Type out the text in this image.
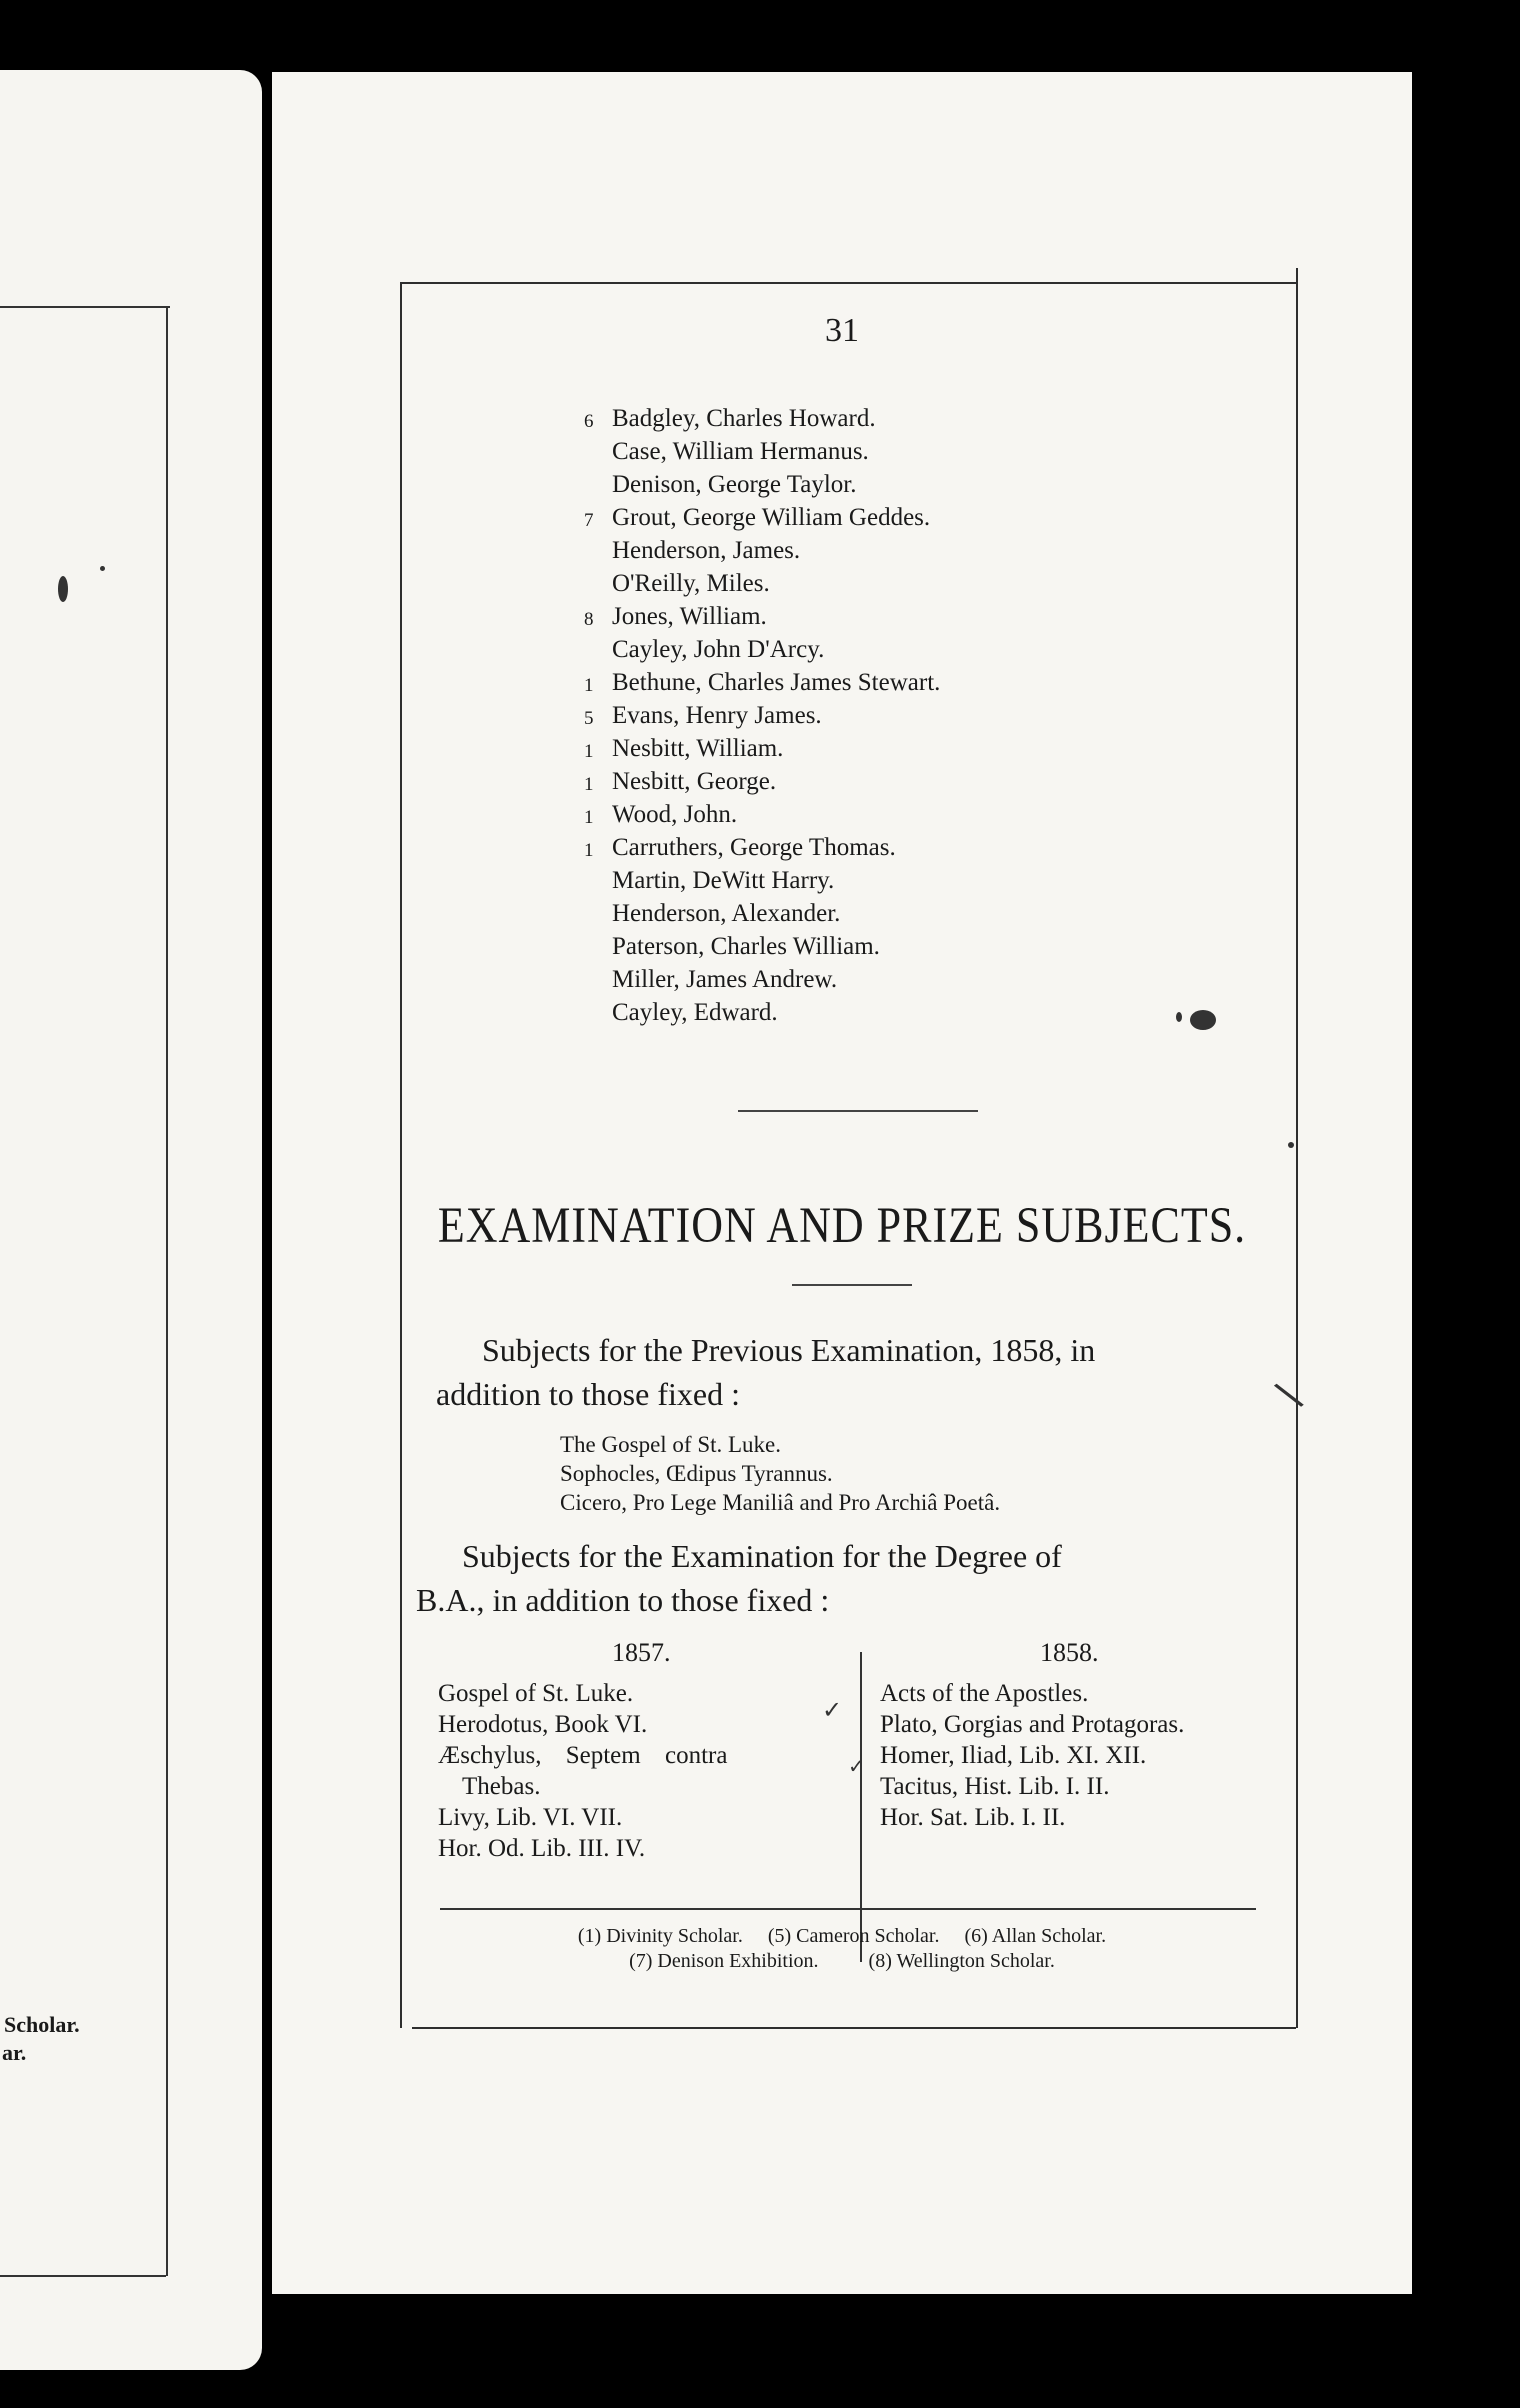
Scholar.
ar.
31
6 Badgley, Charles Howard.
Case, William Hermanus.
Denison, George Taylor.
7 Grout, George William Geddes.
Henderson, James.
O'Reilly, Miles.
8 Jones, William.
Cayley, John D'Arcy.
1 Bethune, Charles James Stewart.
5 Evans, Henry James.
1 Nesbitt, William.
1 Nesbitt, George.
1 Wood, John.
1 Carruthers, George Thomas.
Martin, DeWitt Harry.
Henderson, Alexander.
Paterson, Charles William.
Miller, James Andrew.
Cayley, Edward.
EXAMINATION AND PRIZE SUBJECTS.
Subjects for the Previous Examination, 1858, in
addition to those fixed :
The Gospel of St. Luke.
Sophocles, Œdipus Tyrannus.
Cicero, Pro Lege Maniliâ and Pro Archiâ Poetâ.
Subjects for the Examination for the Degree of
B.A., in addition to those fixed :
1857.	1858.
Gospel of St. Luke.
Herodotus, Book VI.
Æschylus, Septem contra
Thebas.
Livy, Lib. VI. VII.
Hor. Od. Lib. III. IV.
Acts of the Apostles.
Plato, Gorgias and Protagoras.
Homer, Iliad, Lib. XI. XII.
Tacitus, Hist. Lib. I. II.
Hor. Sat. Lib. I. II.
(1) Divinity Scholar.     (5) Cameron Scholar.     (6) Allan Scholar.
(7) Denison Exhibition.          (8) Wellington Scholar.
\
✓
✓
